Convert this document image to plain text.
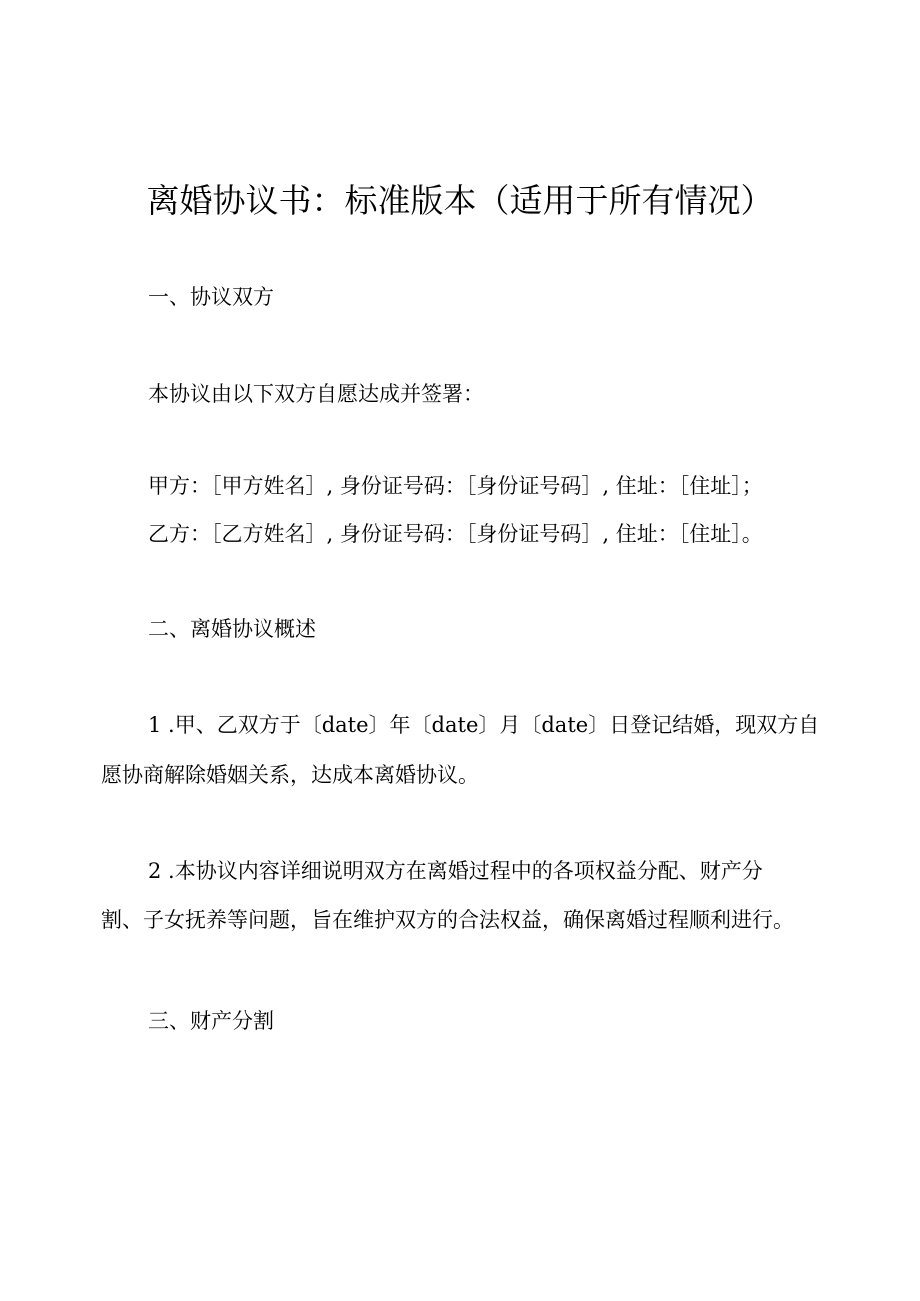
离婚协议书：标准版本（适用于所有情况）
一、协议双方
本协议由以下双方自愿达成并签署：
甲方：［甲方姓名］, 身份证号码：［身份证号码］, 住址：［住址］；
乙方：［乙方姓名］, 身份证号码：［身份证号码］, 住址：［住址］。
二、离婚协议概述
1 .甲、乙双方于〔date〕年〔date〕月〔date〕日登记结婚，现双方自
愿协商解除婚姻关系，达成本离婚协议。
2 .本协议内容详细说明双方在离婚过程中的各项权益分配、财产分
割、子女抚养等问题，旨在维护双方的合法权益，确保离婚过程顺利进行。
三、财产分割
